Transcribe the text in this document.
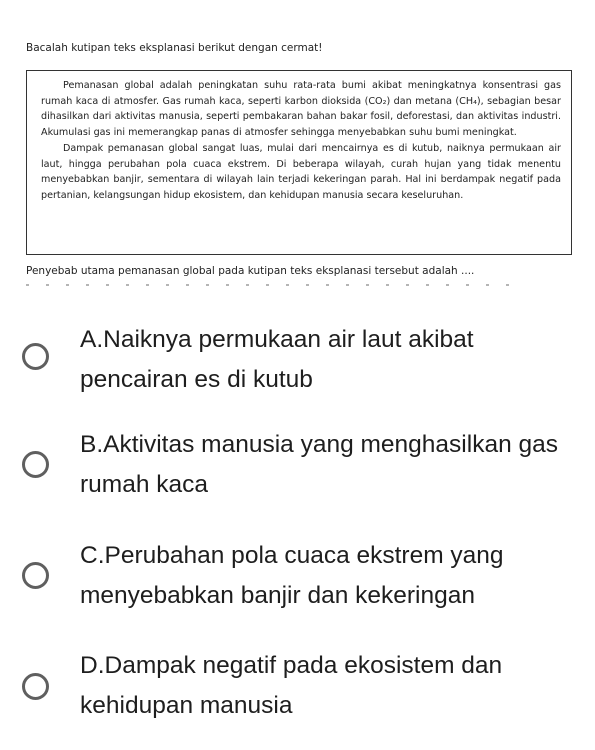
Bacalah kutipan teks eksplanasi berikut dengan cermat!

Pemanasan global adalah peningkatan suhu rata-rata bumi akibat meningkatnya konsentrasi gas rumah kaca di atmosfer. Gas rumah kaca, seperti karbon dioksida (CO₂) dan metana (CH₄), sebagian besar dihasilkan dari aktivitas manusia, seperti pembakaran bahan bakar fosil, deforestasi, dan aktivitas industri. Akumulasi gas ini memerangkap panas di atmosfer sehingga menyebabkan suhu bumi meningkat.

Dampak pemanasan global sangat luas, mulai dari mencairnya es di kutub, naiknya permukaan air laut, hingga perubahan pola cuaca ekstrem. Di beberapa wilayah, curah hujan yang tidak menentu menyebabkan banjir, sementara di wilayah lain terjadi kekeringan parah. Hal ini berdampak negatif pada pertanian, kelangsungan hidup ekosistem, dan kehidupan manusia secara keseluruhan.

Penyebab utama pemanasan global pada kutipan teks eksplanasi tersebut adalah ....
A.Naiknya permukaan air laut akibat pencairan es di kutub
B.Aktivitas manusia yang menghasilkan gas rumah kaca
C.Perubahan pola cuaca ekstrem yang menyebabkan banjir dan kekeringan
D.Dampak negatif pada ekosistem dan kehidupan manusia
